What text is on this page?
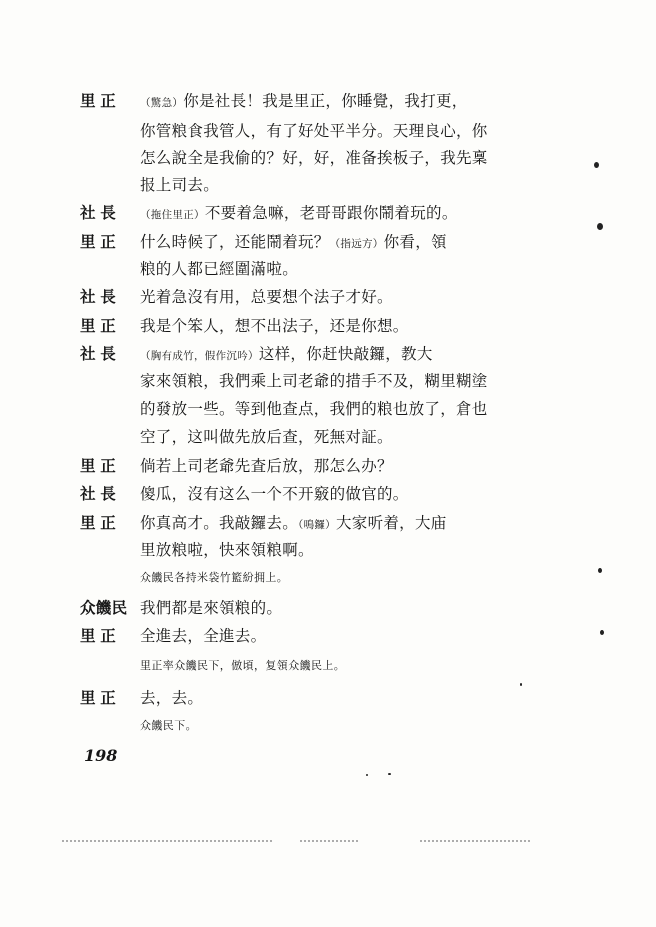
里 正 （驚急）你是社長！我是里正，你睡覺，我打更，
你管粮食我管人，有了好处平半分。天理良心，你
怎么說全是我偷的？好，好，准备挨板子，我先稟
报上司去。
社 長 （拖住里正）不要着急嘛，老哥哥跟你鬧着玩的。
里 正 什么時候了，还能鬧着玩？（指远方）你看，領
粮的人都已經圍滿啦。
社 長 光着急沒有用，总要想个法子才好。
里 正 我是个笨人，想不出法子，还是你想。
社 長 （胸有成竹，假作沉吟）这样，你赶快敲鑼，教大
家來領粮，我們乘上司老爺的措手不及，糊里糊塗
的發放一些。等到他查点，我們的粮也放了，倉也
空了，这叫做先放后查，死無对証。
里 正 倘若上司老爺先査后放，那怎么办？
社 長 傻瓜，沒有这么一个不开竅的做官的。
里 正 你真高才。我敲鑼去。（鳴鑼）大家听着，大庙
里放粮啦，快來領粮啊。
众饑民各持米袋竹籃紛拥上。
众饑民 我們都是來領粮的。
里 正 全進去，全進去。
里正率众饑民下，倣頃，复領众饑民上。
里 正 去，去。
众饑民下。
198
